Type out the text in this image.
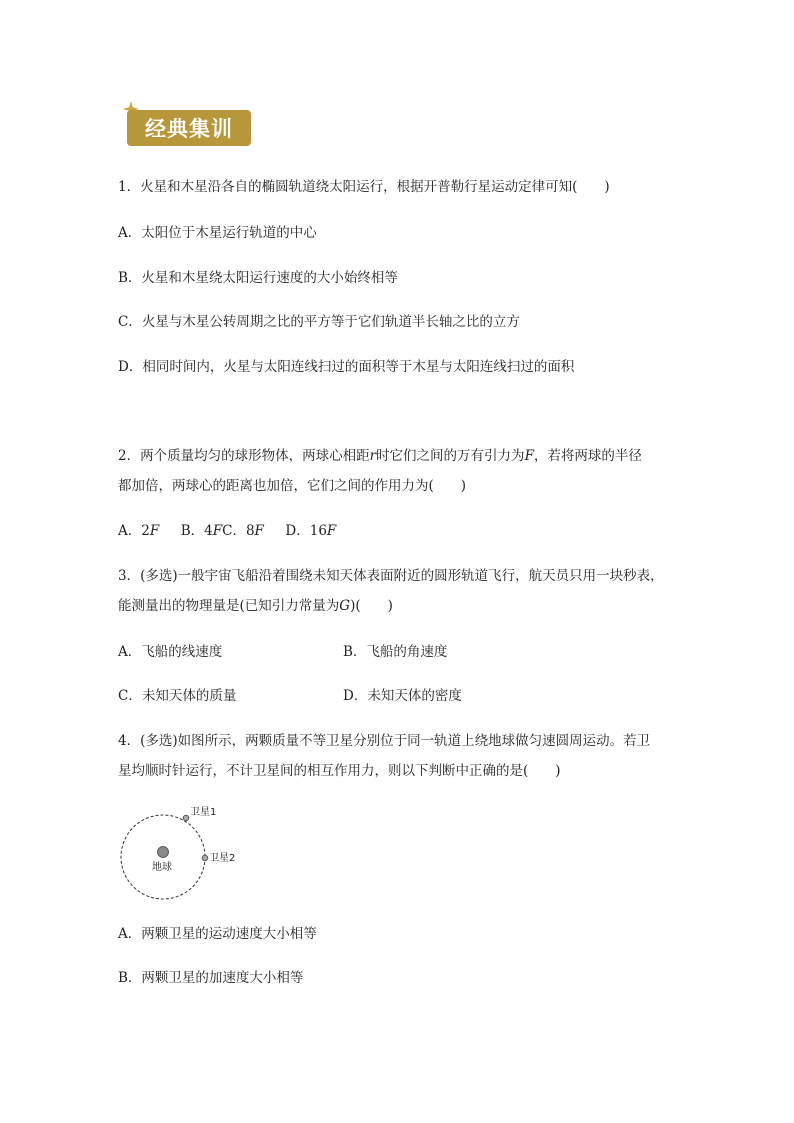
经典集训
1．火星和木星沿各自的椭圆轨道绕太阳运行，根据开普勒行星运动定律可知(　　)
A．太阳位于木星运行轨道的中心
B．火星和木星绕太阳运行速度的大小始终相等
C．火星与木星公转周期之比的平方等于它们轨道半长轴之比的立方
D．相同时间内，火星与太阳连线扫过的面积等于木星与太阳连线扫过的面积
2．两个质量均匀的球形物体，两球心相距r时它们之间的万有引力为F，若将两球的半径
都加倍，两球心的距离也加倍，它们之间的作用力为(　　)
A．2F　B．4FC．8F　D．16F
3．(多选)一般宇宙飞船沿着围绕未知天体表面附近的圆形轨道飞行，航天员只用一块秒表，
能测量出的物理量是(已知引力常量为G)(　　)
A．飞船的线速度	B．飞船的角速度
C．未知天体的质量	D．未知天体的密度
4．(多选)如图所示，两颗质量不等卫星分别位于同一轨道上绕地球做匀速圆周运动。若卫
星均顺时针运行，不计卫星间的相互作用力，则以下判断中正确的是(　　)
地球
卫星1
卫星2
A．两颗卫星的运动速度大小相等
B．两颗卫星的加速度大小相等
